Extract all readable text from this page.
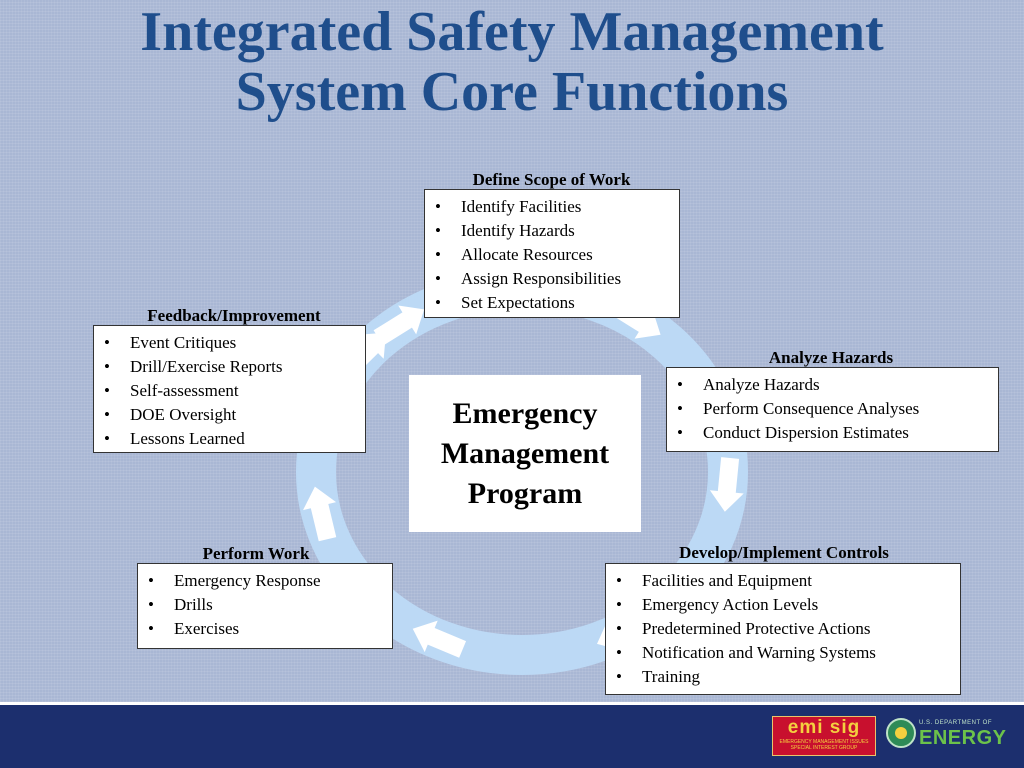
Integrated Safety Management
System Core Functions
Define Scope of Work
• Identify Facilities
• Identify Hazards
• Allocate Resources
• Assign Responsibilities
• Set Expectations
Feedback/Improvement
• Event Critiques
• Drill/Exercise Reports
• Self-assessment
• DOE Oversight
• Lessons Learned
Analyze Hazards
• Analyze Hazards
• Perform Consequence Analyses
• Conduct Dispersion Estimates
Emergency
Management
Program
Perform Work
• Emergency Response
• Drills
• Exercises
Develop/Implement Controls
• Facilities and Equipment
• Emergency Action Levels
• Predetermined Protective Actions
• Notification and Warning Systems
• Training
emi sig
EMERGENCY MANAGEMENT ISSUES SPECIAL INTEREST GROUP
U.S. DEPARTMENT OF
ENERGY
